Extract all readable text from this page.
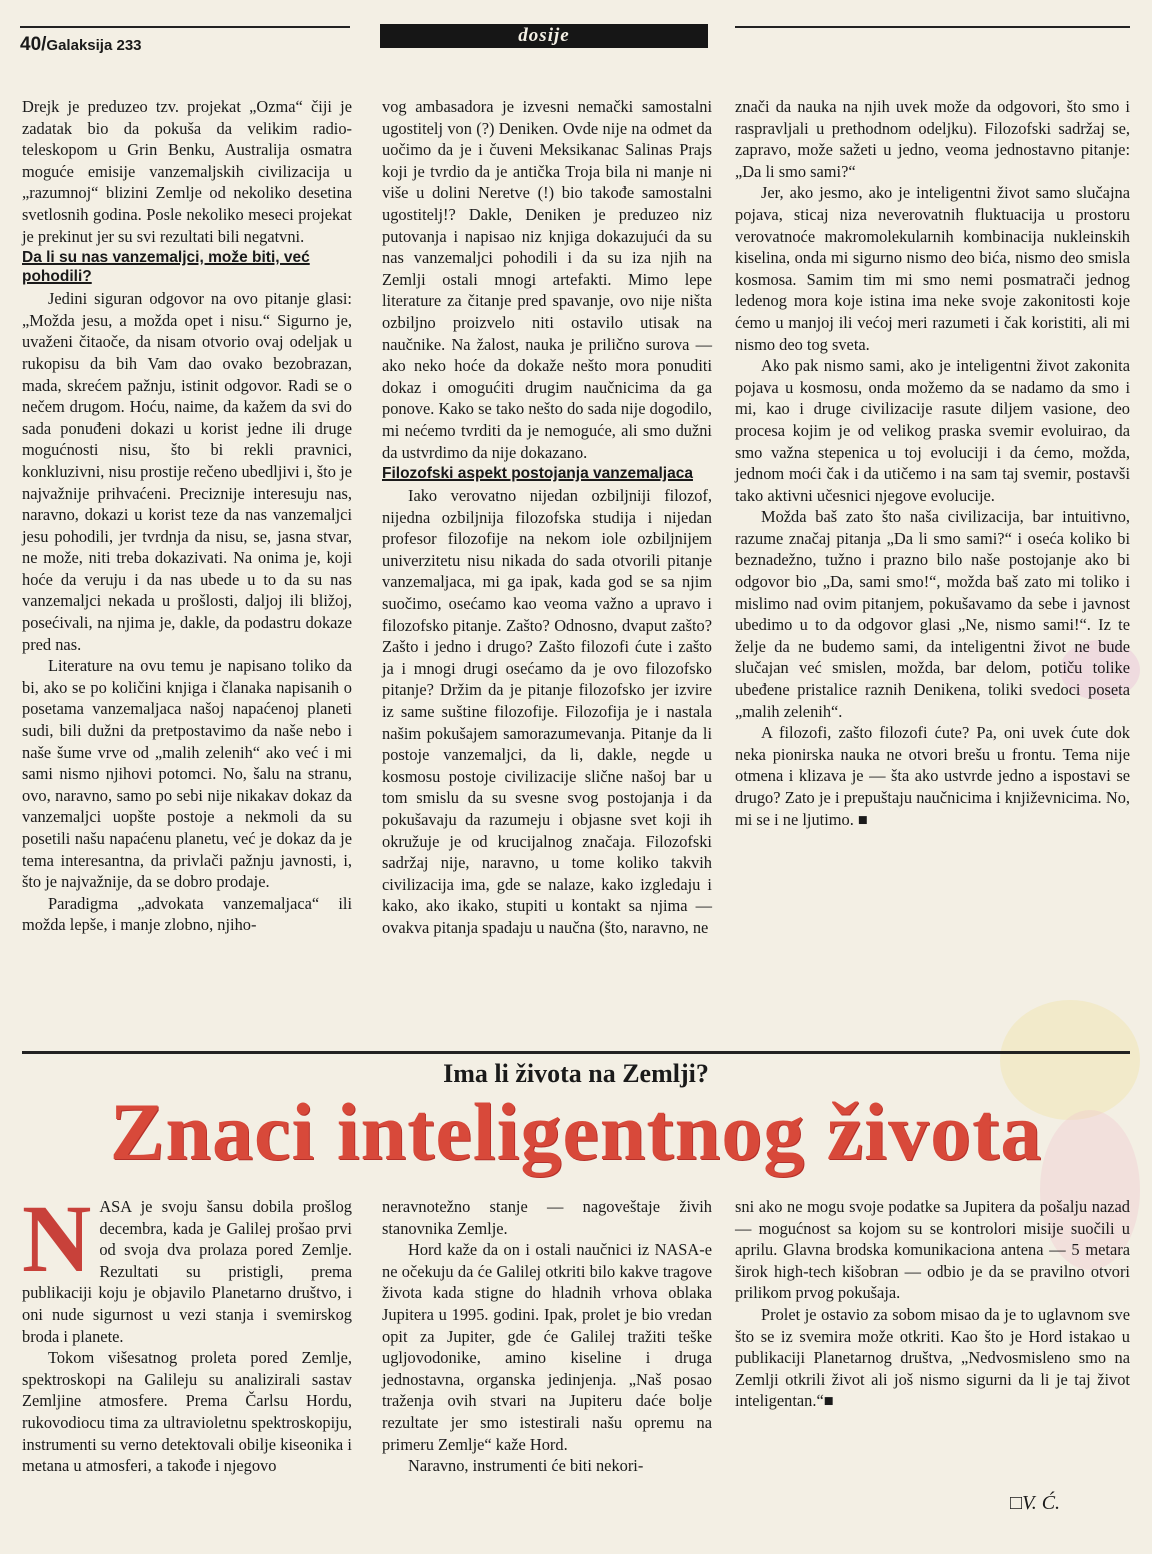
40/Galaksija 233	dosije

Drejk je preduzeo tzv. projekat „Ozma“ čiji je zadatak bio da pokuša da velikim radio-teleskopom u Grin Benku, Australija osmatra moguće emisije vanzemaljskih civilizacija u „razumnoj“ blizini Zemlje od nekoliko desetina svetlosnih godina. Posle nekoliko meseci projekat je prekinut jer su svi rezultati bili negatvni.

Da li su nas vanzemaljci, može biti, već pohodili?

Jedini siguran odgovor na ovo pitanje glasi: „Možda jesu, a možda opet i nisu.“ Sigurno je, uvaženi čitaoče, da nisam otvorio ovaj odeljak u rukopisu da bih Vam dao ovako bezobrazan, mada, skrećem pažnju, istinit odgovor. Radi se o nečem drugom. Hoću, naime, da kažem da svi do sada ponuđeni dokazi u korist jedne ili druge mogućnosti nisu, što bi rekli pravnici, konkluzivni, nisu prostije rečeno ubedljivi i, što je najvažnije prihvaćeni. Preciznije interesuju nas, naravno, dokazi u korist teze da nas vanzemaljci jesu pohodili, jer tvrdnja da nisu, se, jasna stvar, ne može, niti treba dokazivati. Na onima je, koji hoće da veruju i da nas ubede u to da su nas vanzemaljci nekada u prošlosti, daljoj ili bližoj, posećivali, na njima je, dakle, da podastru dokaze pred nas.

Literature na ovu temu je napisano toliko da bi, ako se po količini knjiga i članaka napisanih o posetama vanzemaljaca našoj napaćenoj planeti sudi, bili dužni da pretpostavimo da naše nebo i naše šume vrve od „malih zelenih“ ako već i mi sami nismo njihovi potomci. No, šalu na stranu, ovo, naravno, samo po sebi nije nikakav dokaz da vanzemaljci uopšte postoje a nekmoli da su posetili našu napaćenu planetu, već je dokaz da je tema interesantna, da privlači pažnju javnosti, i, što je najvažnije, da se dobro prodaje.

Paradigma „advokata vanzemaljaca“ ili možda lepše, i manje zlobno, njiho-

vog ambasadora je izvesni nemački samostalni ugostitelj von (?) Deniken. Ovde nije na odmet da uočimo da je i čuveni Meksikanac Salinas Prajs koji je tvrdio da je antička Troja bila ni manje ni više u dolini Neretve (!) bio takođe samostalni ugostitelj!? Dakle, Deniken je preduzeo niz putovanja i napisao niz knjiga dokazujući da su nas vanzemaljci pohodili i da su iza njih na Zemlji ostali mnogi artefakti. Mimo lepe literature za čitanje pred spavanje, ovo nije ništa ozbiljno proizvelo niti ostavilo utisak na naučnike. Na žalost, nauka je prilično surova — ako neko hoće da dokaže nešto mora ponuditi dokaz i omogućiti drugim naučnicima da ga ponove. Kako se tako nešto do sada nije dogodilo, mi nećemo tvrditi da je nemoguće, ali smo dužni da ustvrdimo da nije dokazano.

Filozofski aspekt postojanja vanzemaljaca

Iako verovatno nijedan ozbiljniji filozof, nijedna ozbiljnija filozofska studija i nijedan profesor filozofije na nekom iole ozbiljnijem univerzitetu nisu nikada do sada otvorili pitanje vanzemaljaca, mi ga ipak, kada god se sa njim suočimo, osećamo kao veoma važno a upravo i filozofsko pitanje. Zašto? Odnosno, dvaput zašto? Zašto i jedno i drugo? Zašto filozofi ćute i zašto ja i mnogi drugi osećamo da je ovo filozofsko pitanje? Držim da je pitanje filozofsko jer izvire iz same suštine filozofije. Filozofija je i nastala našim pokušajem samorazumevanja. Pitanje da li postoje vanzemaljci, da li, dakle, negde u kosmosu postoje civilizacije slične našoj bar u tom smislu da su svesne svog postojanja i da pokušavaju da razumeju i objasne svet koji ih okružuje je od krucijalnog značaja. Filozofski sadržaj nije, naravno, u tome koliko takvih civilizacija ima, gde se nalaze, kako izgledaju i kako, ako ikako, stupiti u kontakt sa njima — ovakva pitanja spadaju u naučna (što, naravno, ne

znači da nauka na njih uvek može da odgovori, što smo i raspravljali u prethodnom odeljku). Filozofski sadržaj se, zapravo, može sažeti u jedno, veoma jednostavno pitanje: „Da li smo sami?“

Jer, ako jesmo, ako je inteligentni život samo slučajna pojava, sticaj niza neverovatnih fluktuacija u prostoru verovatnoće makromolekularnih kombinacija nukleinskih kiselina, onda mi sigurno nismo deo bića, nismo deo smisla kosmosa. Samim tim mi smo nemi posmatrači jednog ledenog mora koje istina ima neke svoje zakonitosti koje ćemo u manjoj ili većoj meri razumeti i čak koristiti, ali mi nismo deo tog sveta.

Ako pak nismo sami, ako je inteligentni život zakonita pojava u kosmosu, onda možemo da se nadamo da smo i mi, kao i druge civilizacije rasute diljem vasione, deo procesa kojim je od velikog praska svemir evoluirao, da smo važna stepenica u toj evoluciji i da ćemo, možda, jednom moći čak i da utičemo i na sam taj svemir, postavši tako aktivni učesnici njegove evolucije.

Možda baš zato što naša civilizacija, bar intuitivno, razume značaj pitanja „Da li smo sami?“ i oseća koliko bi beznadežno, tužno i prazno bilo naše postojanje ako bi odgovor bio „Da, sami smo!“, možda baš zato mi toliko i mislimo nad ovim pitanjem, pokušavamo da sebe i javnost ubedimo u to da odgovor glasi „Ne, nismo sami!“. Iz te želje da ne budemo sami, da inteligentni život ne bude slučajan već smislen, možda, bar delom, potiču tolike ubeđene pristalice raznih Denikena, toliki svedoci poseta „malih zelenih“.

A filozofi, zašto filozofi ćute? Pa, oni uvek ćute dok neka pionirska nauka ne otvori brešu u frontu. Tema nije otmena i klizava je — šta ako ustvrde jedno a ispostavi se drugo? Zato je i prepuštaju naučnicima i književnicima. No, mi se i ne ljutimo. ■

Ima li života na Zemlji?
Znaci inteligentnog života
N ASA je svoju šansu dobila prošlog decembra, kada je Galilej prošao prvi od svoja dva prolaza pored Zemlje. Rezultati su pristigli, prema publikaciji koju je objavilo Planetarno društvo, i oni nude sigurnost u vezi stanja i svemirskog broda i planete.

Tokom višesatnog proleta pored Zemlje, spektroskopi na Galileju su analizirali sastav Zemljine atmosfere. Prema Čarlsu Hordu, rukovodiocu tima za ultravioletnu spektroskopiju, instrumenti su verno detektovali obilje kiseonika i metana u atmosferi, a takođe i njegovo

neravnotežno stanje — nagoveštaje živih stanovnika Zemlje.

Hord kaže da on i ostali naučnici iz NASA-e ne očekuju da će Galilej otkriti bilo kakve tragove života kada stigne do hladnih vrhova oblaka Jupitera u 1995. godini. Ipak, prolet je bio vredan opit za Jupiter, gde će Galilej tražiti teške ugljovodonike, amino kiseline i druga jednostavna, organska jedinjenja. „Naš posao traženja ovih stvari na Jupiteru daće bolje rezultate jer smo istestirali našu opremu na primeru Zemlje“ kaže Hord.

Naravno, instrumenti će biti nekori-

sni ako ne mogu svoje podatke sa Jupitera da pošalju nazad — mogućnost sa kojom su se kontrolori misije suočili u aprilu. Glavna brodska komunikaciona antena — 5 metara širok high-tech kišobran — odbio je da se pravilno otvori prilikom prvog pokušaja.

Prolet je ostavio za sobom misao da je to uglavnom sve što se iz svemira može otkriti. Kao što je Hord istakao u publikaciji Planetarnog društva, „Nedvosmisleno smo na Zemlji otkrili život ali još nismo sigurni da li je taj život inteligentan.“■

□V. Ć.
